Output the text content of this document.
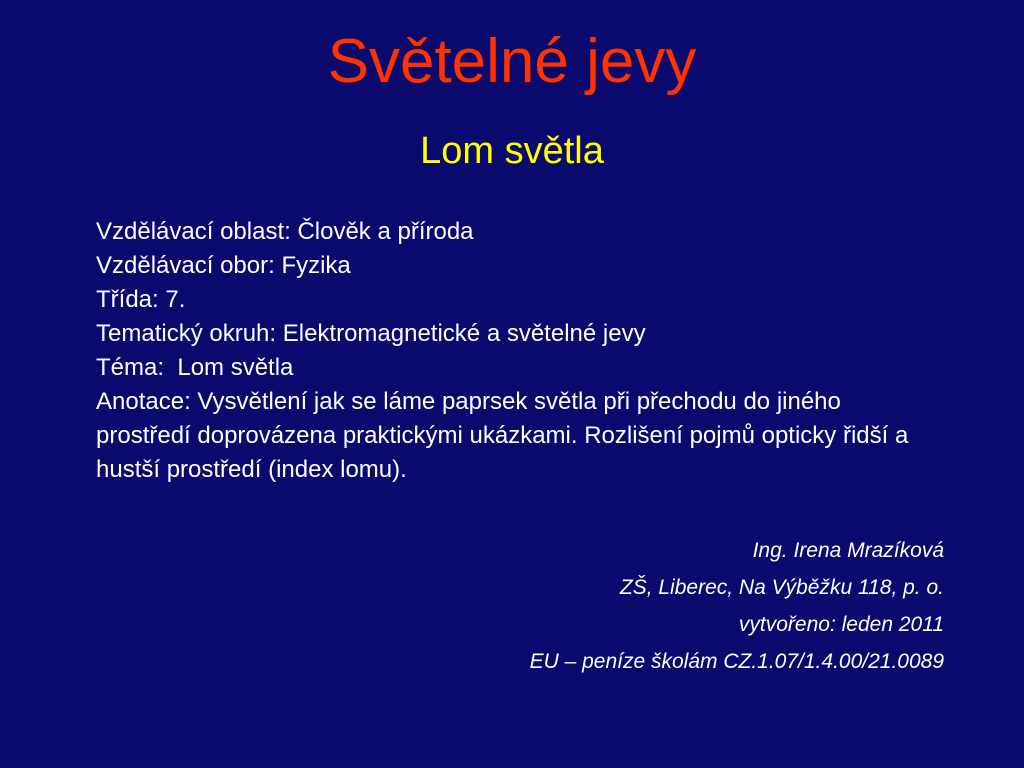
Světelné jevy
Lom světla
Vzdělávací oblast: Člověk a příroda
Vzdělávací obor: Fyzika
Třída: 7.
Tematický okruh: Elektromagnetické a světelné jevy
Téma:  Lom světla
Anotace: Vysvětlení jak se láme paprsek světla při přechodu do jiného prostředí doprovázena praktickými ukázkami. Rozlišení pojmů opticky řidší a hustší prostředí (index lomu).
Ing. Irena Mrazíková
ZŠ, Liberec, Na Výběžku 118, p. o.
vytvořeno: leden 2011
EU – peníze školám CZ.1.07/1.4.00/21.0089
